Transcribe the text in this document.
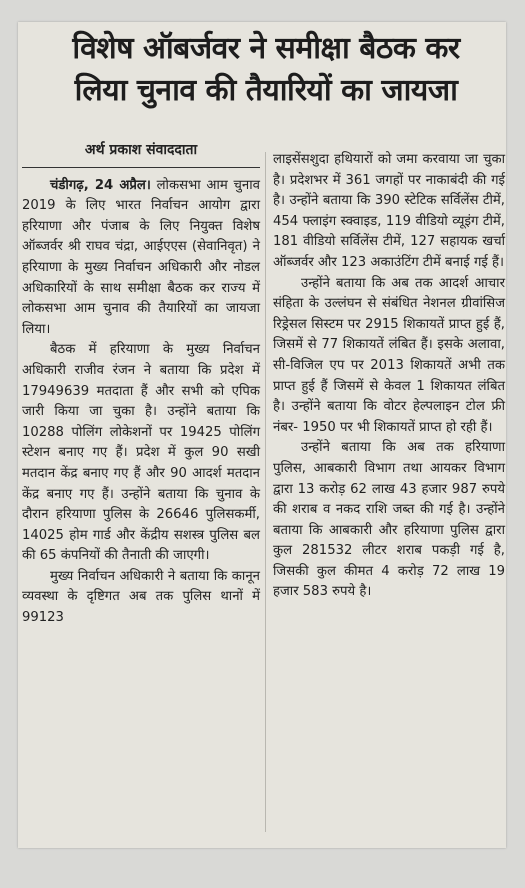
विशेष ऑबर्जवर ने समीक्षा बैठक कर लिया चुनाव की तैयारियों का जायजा
अर्थ प्रकाश संवाददाता

चंडीगढ़, 24 अप्रैल। लोकसभा आम चुनाव 2019 के लिए भारत निर्वाचन आयोग द्वारा हरियाणा और पंजाब के लिए नियुक्त विशेष ऑब्जर्वर श्री राघव चंद्रा, आईएएस (सेवानिवृत) ने हरियाणा के मुख्य निर्वाचन अधिकारी और नोडल अधिकारियों के साथ समीक्षा बैठक कर राज्य में लोकसभा आम चुनाव की तैयारियों का जायजा लिया।

बैठक में हरियाणा के मुख्य निर्वाचन अधिकारी राजीव रंजन ने बताया कि प्रदेश में 17949639 मतदाता हैं और सभी को एपिक जारी किया जा चुका है। उन्होंने बताया कि 10288 पोलिंग लोकेशनों पर 19425 पोलिंग स्टेशन बनाए गए हैं। प्रदेश में कुल 90 सखी मतदान केंद्र बनाए गए हैं और 90 आदर्श मतदान केंद्र बनाए गए हैं। उन्होंने बताया कि चुनाव के दौरान हरियाणा पुलिस के 26646 पुलिसकर्मी, 14025 होम गार्ड और केंद्रीय सशस्त्र पुलिस बल की 65 कंपनियों की तैनाती की जाएगी।

मुख्य निर्वाचन अधिकारी ने बताया कि कानून व्यवस्था के दृष्टिगत अब तक पुलिस थानों में 99123

लाइसेंसशुदा हथियारों को जमा करवाया जा चुका है। प्रदेशभर में 361 जगहों पर नाकाबंदी की गई है। उन्होंने बताया कि 390 स्टेटिक सर्विलेंस टीमें, 454 फ्लाइंग स्क्वाइड, 119 वीडियो व्यूइंग टीमें, 181 वीडियो सर्विलेंस टीमें, 127 सहायक खर्चा ऑब्जर्वर और 123 अकाउंटिंग टीमें बनाई गई हैं।

उन्होंने बताया कि अब तक आदर्श आचार संहिता के उल्लंघन से संबंधित नेशनल ग्रीवांसिज रिड्रेसल सिस्टम पर 2915 शिकायतें प्राप्त हुई हैं, जिसमें से 77 शिकायतें लंबित हैं। इसके अलावा, सी-विजिल एप पर 2013 शिकायतें अभी तक प्राप्त हुई हैं जिसमें से केवल 1 शिकायत लंबित है। उन्होंने बताया कि वोटर हेल्पलाइन टोल फ्री नंबर- 1950 पर भी शिकायतें प्राप्त हो रही हैं।

उन्होंने बताया कि अब तक हरियाणा पुलिस, आबकारी विभाग तथा आयकर विभाग द्वारा 13 करोड़ 62 लाख 43 हजार 987 रुपये की शराब व नकद राशि जब्त की गई है। उन्होंने बताया कि आबकारी और हरियाणा पुलिस द्वारा कुल 281532 लीटर शराब पकड़ी गई है, जिसकी कुल कीमत 4 करोड़ 72 लाख 19 हजार 583 रुपये है।
